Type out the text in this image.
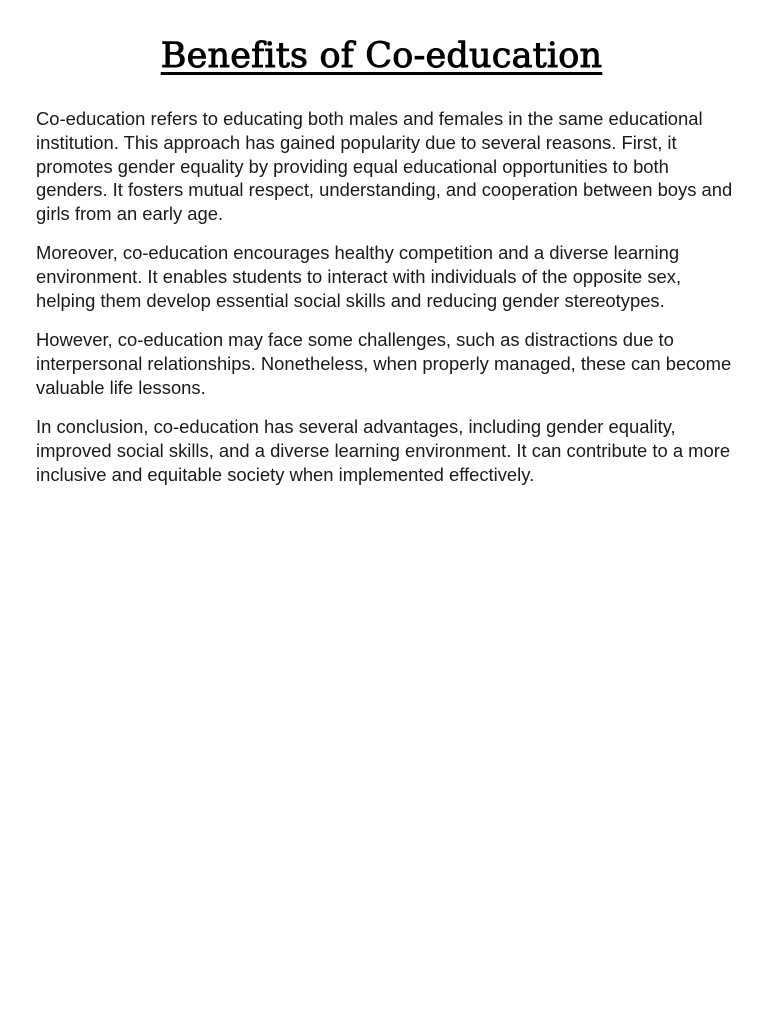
Benefits of Co-education

Co-education refers to educating both males and females in the same educational institution. This approach has gained popularity due to several reasons. First, it promotes gender equality by providing equal educational opportunities to both genders. It fosters mutual respect, understanding, and cooperation between boys and girls from an early age.

Moreover, co-education encourages healthy competition and a diverse learning environment. It enables students to interact with individuals of the opposite sex, helping them develop essential social skills and reducing gender stereotypes.

However, co-education may face some challenges, such as distractions due to interpersonal relationships. Nonetheless, when properly managed, these can become valuable life lessons.

In conclusion, co-education has several advantages, including gender equality, improved social skills, and a diverse learning environment. It can contribute to a more inclusive and equitable society when implemented effectively.
